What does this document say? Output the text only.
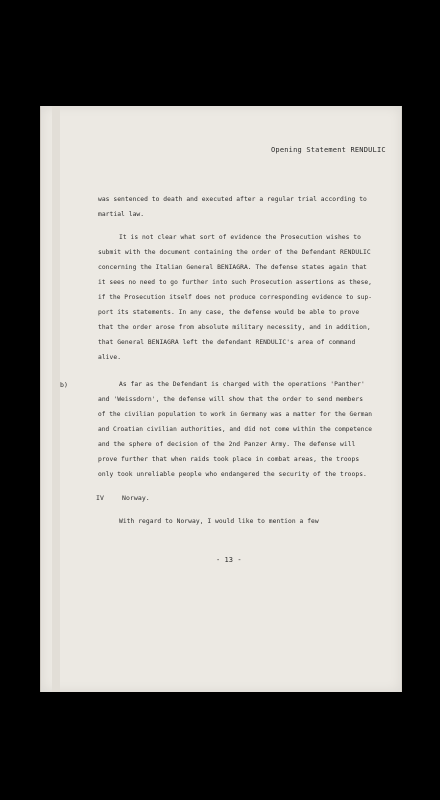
Opening Statement RENDULIC
was sentenced to death and executed after a regular trial according to
martial law.
It is not clear what sort of evidence the Prosecution wishes to
submit with the document containing the order of the Defendant RENDULIC
concerning the Italian General BENIAGRA. The defense states again that
it sees no need to go further into such Prosecution assertions as these,
if the Prosecution itself does not produce corresponding evidence to sup-
port its statements. In any case, the defense would be able to prove
that the order arose from absolute military necessity, and in addition,
that General BENIAGRA left the defendant RENDULIC's area of command
alive.
b)	As far as the Defendant is charged with the operations 'Panther'
and 'Weissdorn', the defense will show that the order to send members
of the civilian population to work in Germany was a matter for the German
and Croatian civilian authorities, and did not come within the competence
and the sphere of decision of the 2nd Panzer Army. The defense will
prove further that when raids took place in combat areas, the troops
only took unreliable people who endangered the security of the troops.
IV	Norway.
With regard to Norway, I would like to mention a few
- 13 -
